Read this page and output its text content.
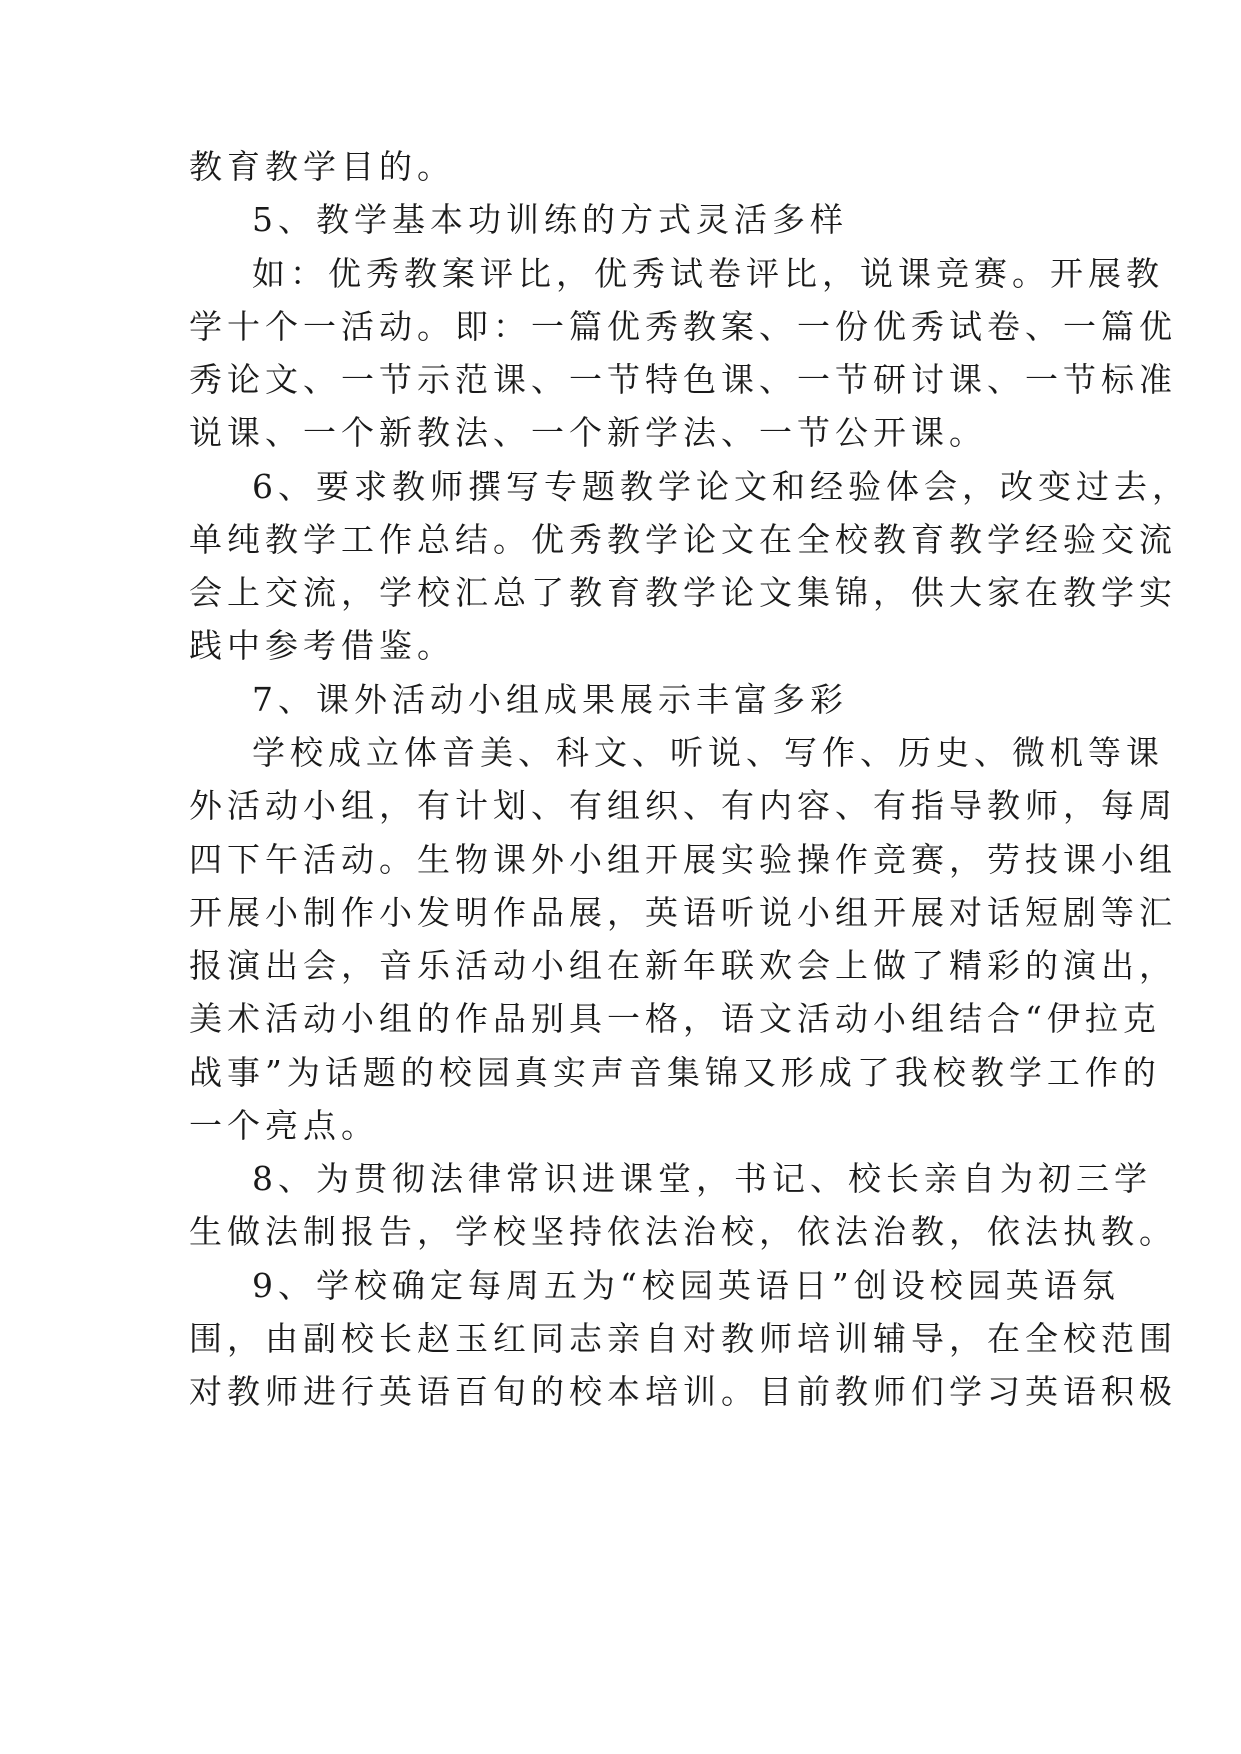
教育教学目的。
5、教学基本功训练的方式灵活多样
如：优秀教案评比，优秀试卷评比，说课竞赛。开展教
学十个一活动。即：一篇优秀教案、一份优秀试卷、一篇优
秀论文、一节示范课、一节特色课、一节研讨课、一节标准
说课、一个新教法、一个新学法、一节公开课。
6、要求教师撰写专题教学论文和经验体会，改变过去，
单纯教学工作总结。优秀教学论文在全校教育教学经验交流
会上交流，学校汇总了教育教学论文集锦，供大家在教学实
践中参考借鉴。
7、课外活动小组成果展示丰富多彩
学校成立体音美、科文、听说、写作、历史、微机等课
外活动小组，有计划、有组织、有内容、有指导教师，每周
四下午活动。生物课外小组开展实验操作竞赛，劳技课小组
开展小制作小发明作品展，英语听说小组开展对话短剧等汇
报演出会，音乐活动小组在新年联欢会上做了精彩的演出，
美术活动小组的作品别具一格，语文活动小组结合“伊拉克
战事”为话题的校园真实声音集锦又形成了我校教学工作的
一个亮点。
8、为贯彻法律常识进课堂，书记、校长亲自为初三学
生做法制报告，学校坚持依法治校，依法治教，依法执教。
9、学校确定每周五为“校园英语日”创设校园英语氛
围，由副校长赵玉红同志亲自对教师培训辅导，在全校范围
对教师进行英语百旬的校本培训。目前教师们学习英语积极
